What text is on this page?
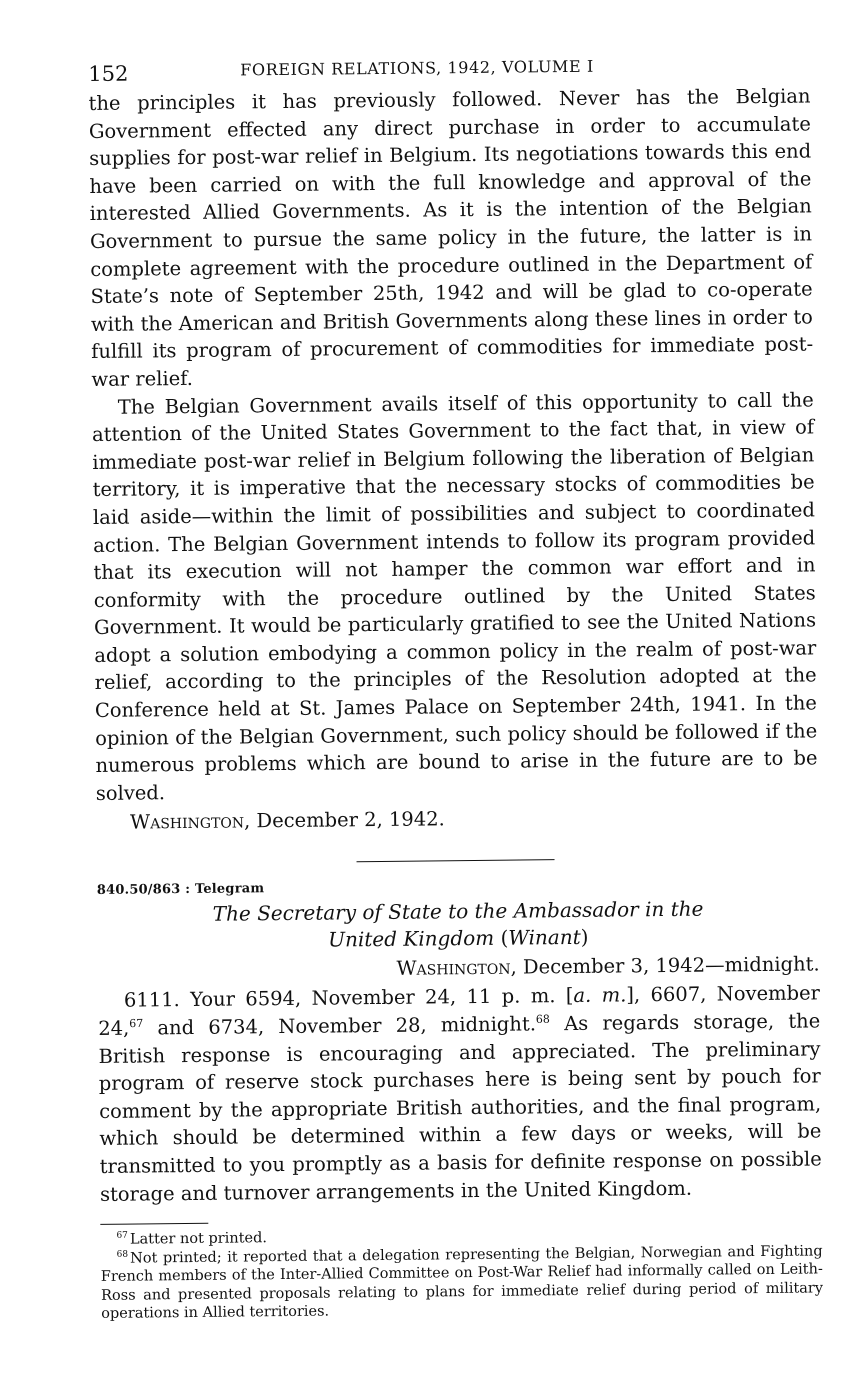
152	FOREIGN RELATIONS, 1942, VOLUME I

the principles it has previously followed. Never has the Belgian Government effected any direct purchase in order to accumulate supplies for post-war relief in Belgium. Its negotiations towards this end have been carried on with the full knowledge and approval of the interested Allied Governments. As it is the intention of the Belgian Government to pursue the same policy in the future, the latter is in complete agreement with the procedure outlined in the Department of State’s note of September 25th, 1942 and will be glad to co-operate with the American and British Governments along these lines in order to fulfill its program of procurement of commodities for immediate post-war relief.

The Belgian Government avails itself of this opportunity to call the attention of the United States Government to the fact that, in view of immediate post-war relief in Belgium following the liberation of Belgian territory, it is imperative that the necessary stocks of commodities be laid aside—within the limit of possibilities and subject to coordinated action. The Belgian Government intends to follow its program provided that its execution will not hamper the common war effort and in conformity with the procedure outlined by the United States Government. It would be particularly gratified to see the United Nations adopt a solution embodying a common policy in the realm of post-war relief, according to the principles of the Resolution adopted at the Conference held at St. James Palace on September 24th, 1941. In the opinion of the Belgian Government, such policy should be followed if the numerous problems which are bound to arise in the future are to be solved.

Washington, December 2, 1942.
840.50/863 : Telegram
The Secretary of State to the Ambassador in the
United Kingdom (Winant)
Washington, December 3, 1942—midnight.

6111. Your 6594, November 24, 11 p. m. [a. m.], 6607, November 24,67 and 6734, November 28, midnight.$^{68}$ As regards storage, the British response is encouraging and appreciated. The preliminary program of reserve stock purchases here is being sent by pouch for comment by the appropriate British authorities, and the final program, which should be determined within a few days or weeks, will be transmitted to you promptly as a basis for definite response on possible storage and turnover arrangements in the United Kingdom.

$^{67}$ Latter not printed.

$^{68}$ Not printed; it reported that a delegation representing the Belgian, Norwegian and Fighting French members of the Inter-Allied Committee on Post-War Relief had informally called on Leith-Ross and presented proposals relating to plans for immediate relief during period of military operations in Allied territories.
